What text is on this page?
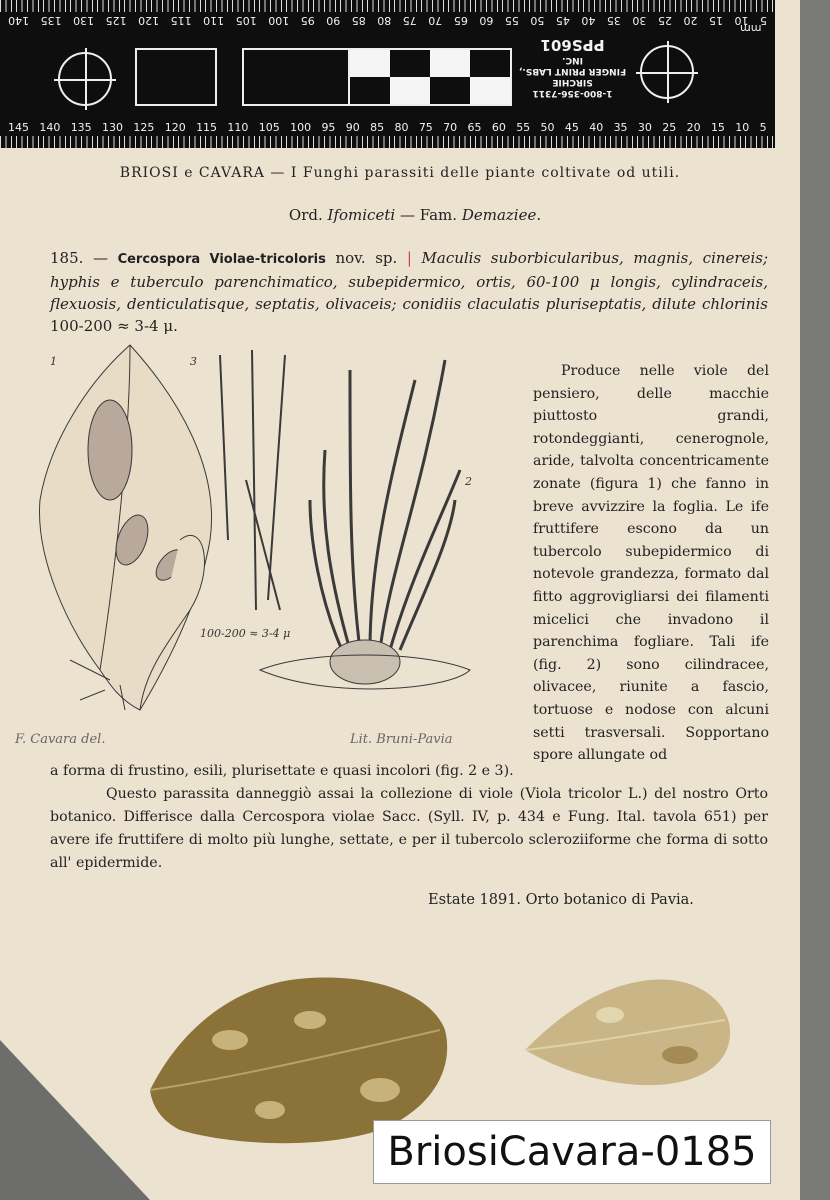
5
10
15
20
25
30
35
40
45
50
55
60
65
70
75
80
85
90
95
100
105
110
115
120
125
130
135
140
mm
1-800-356-7311
SIRCHIE
FINGER PRINT LABS., INC.
PPS601
145 140 135 130 125 120 115 110 105 100 95 90 85 80 75 70 65 60 55 50 45 40 35 30 25 20 15 10 5
BRIOSI e CAVARA — I Funghi parassiti delle piante coltivate od utili.
Ord. Ifomiceti — Fam. Demaziee.
185. — Cercospora Violae-tricoloris nov. sp. | Maculis suborbicularibus, magnis, cinereis; hyphis e tuberculo parenchimatico, subepidermico, ortis, 60-100 μ longis, cylindraceis, flexuosis, denticulatisque, septatis, olivaceis; conidiis claculatis pluriseptatis, dilute chlorinis 100-200 ≈ 3-4 μ.
1	3
2
100-200 ≈ 3-4 μ
F. Cavara del.	Lit. Bruni-Pavia

Produce nelle viole del pensiero, delle macchie piuttosto grandi, rotondeggianti, cenerognole, aride, talvolta concentricamente zonate (figura 1) che fanno in breve avvizzire la foglia. Le ife fruttifere escono da un tubercolo subepidermico di notevole grandezza, formato dal fitto aggrovigliarsi dei filamenti micelici che invadono il parenchima fogliare. Tali ife (fig. 2) sono cilindracee, olivacee, riunite a fascio, tortuose e nodose con alcuni setti trasversali. Sopportano spore allungate od

a forma di frustino, esili, plurisettate e quasi incolori (fig. 2 e 3).

Questo parassita danneggiò assai la collezione di viole (Viola tricolor L.) del nostro Orto botanico. Differisce dalla Cercospora violae Sacc. (Syll. IV, p. 434 e Fung. Ital. tavola 651) per avere ife fruttifere di molto più lunghe, settate, e per il tubercolo scleroziiforme che forma di sotto all' epidermide.

Estate 1891. Orto botanico di Pavia.
BriosiCavara-0185
